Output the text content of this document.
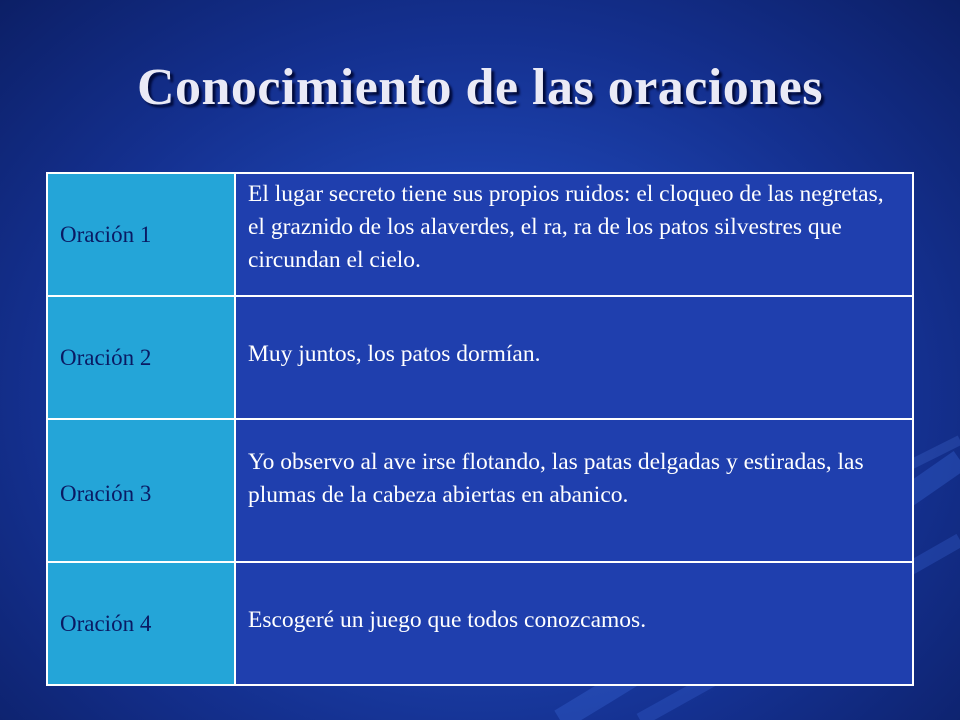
Conocimiento de las oraciones
Oración 1	El lugar secreto tiene sus propios ruidos: el cloqueo de las negretas, el graznido de los alaverdes, el ra, ra de los patos silvestres que circundan el cielo.
Oración 2	Muy juntos, los patos dormían.
Oración 3	Yo observo al ave irse flotando, las patas delgadas y estiradas, las plumas de la cabeza abiertas en abanico.
Oración 4	Escogeré un juego que todos conozcamos.
